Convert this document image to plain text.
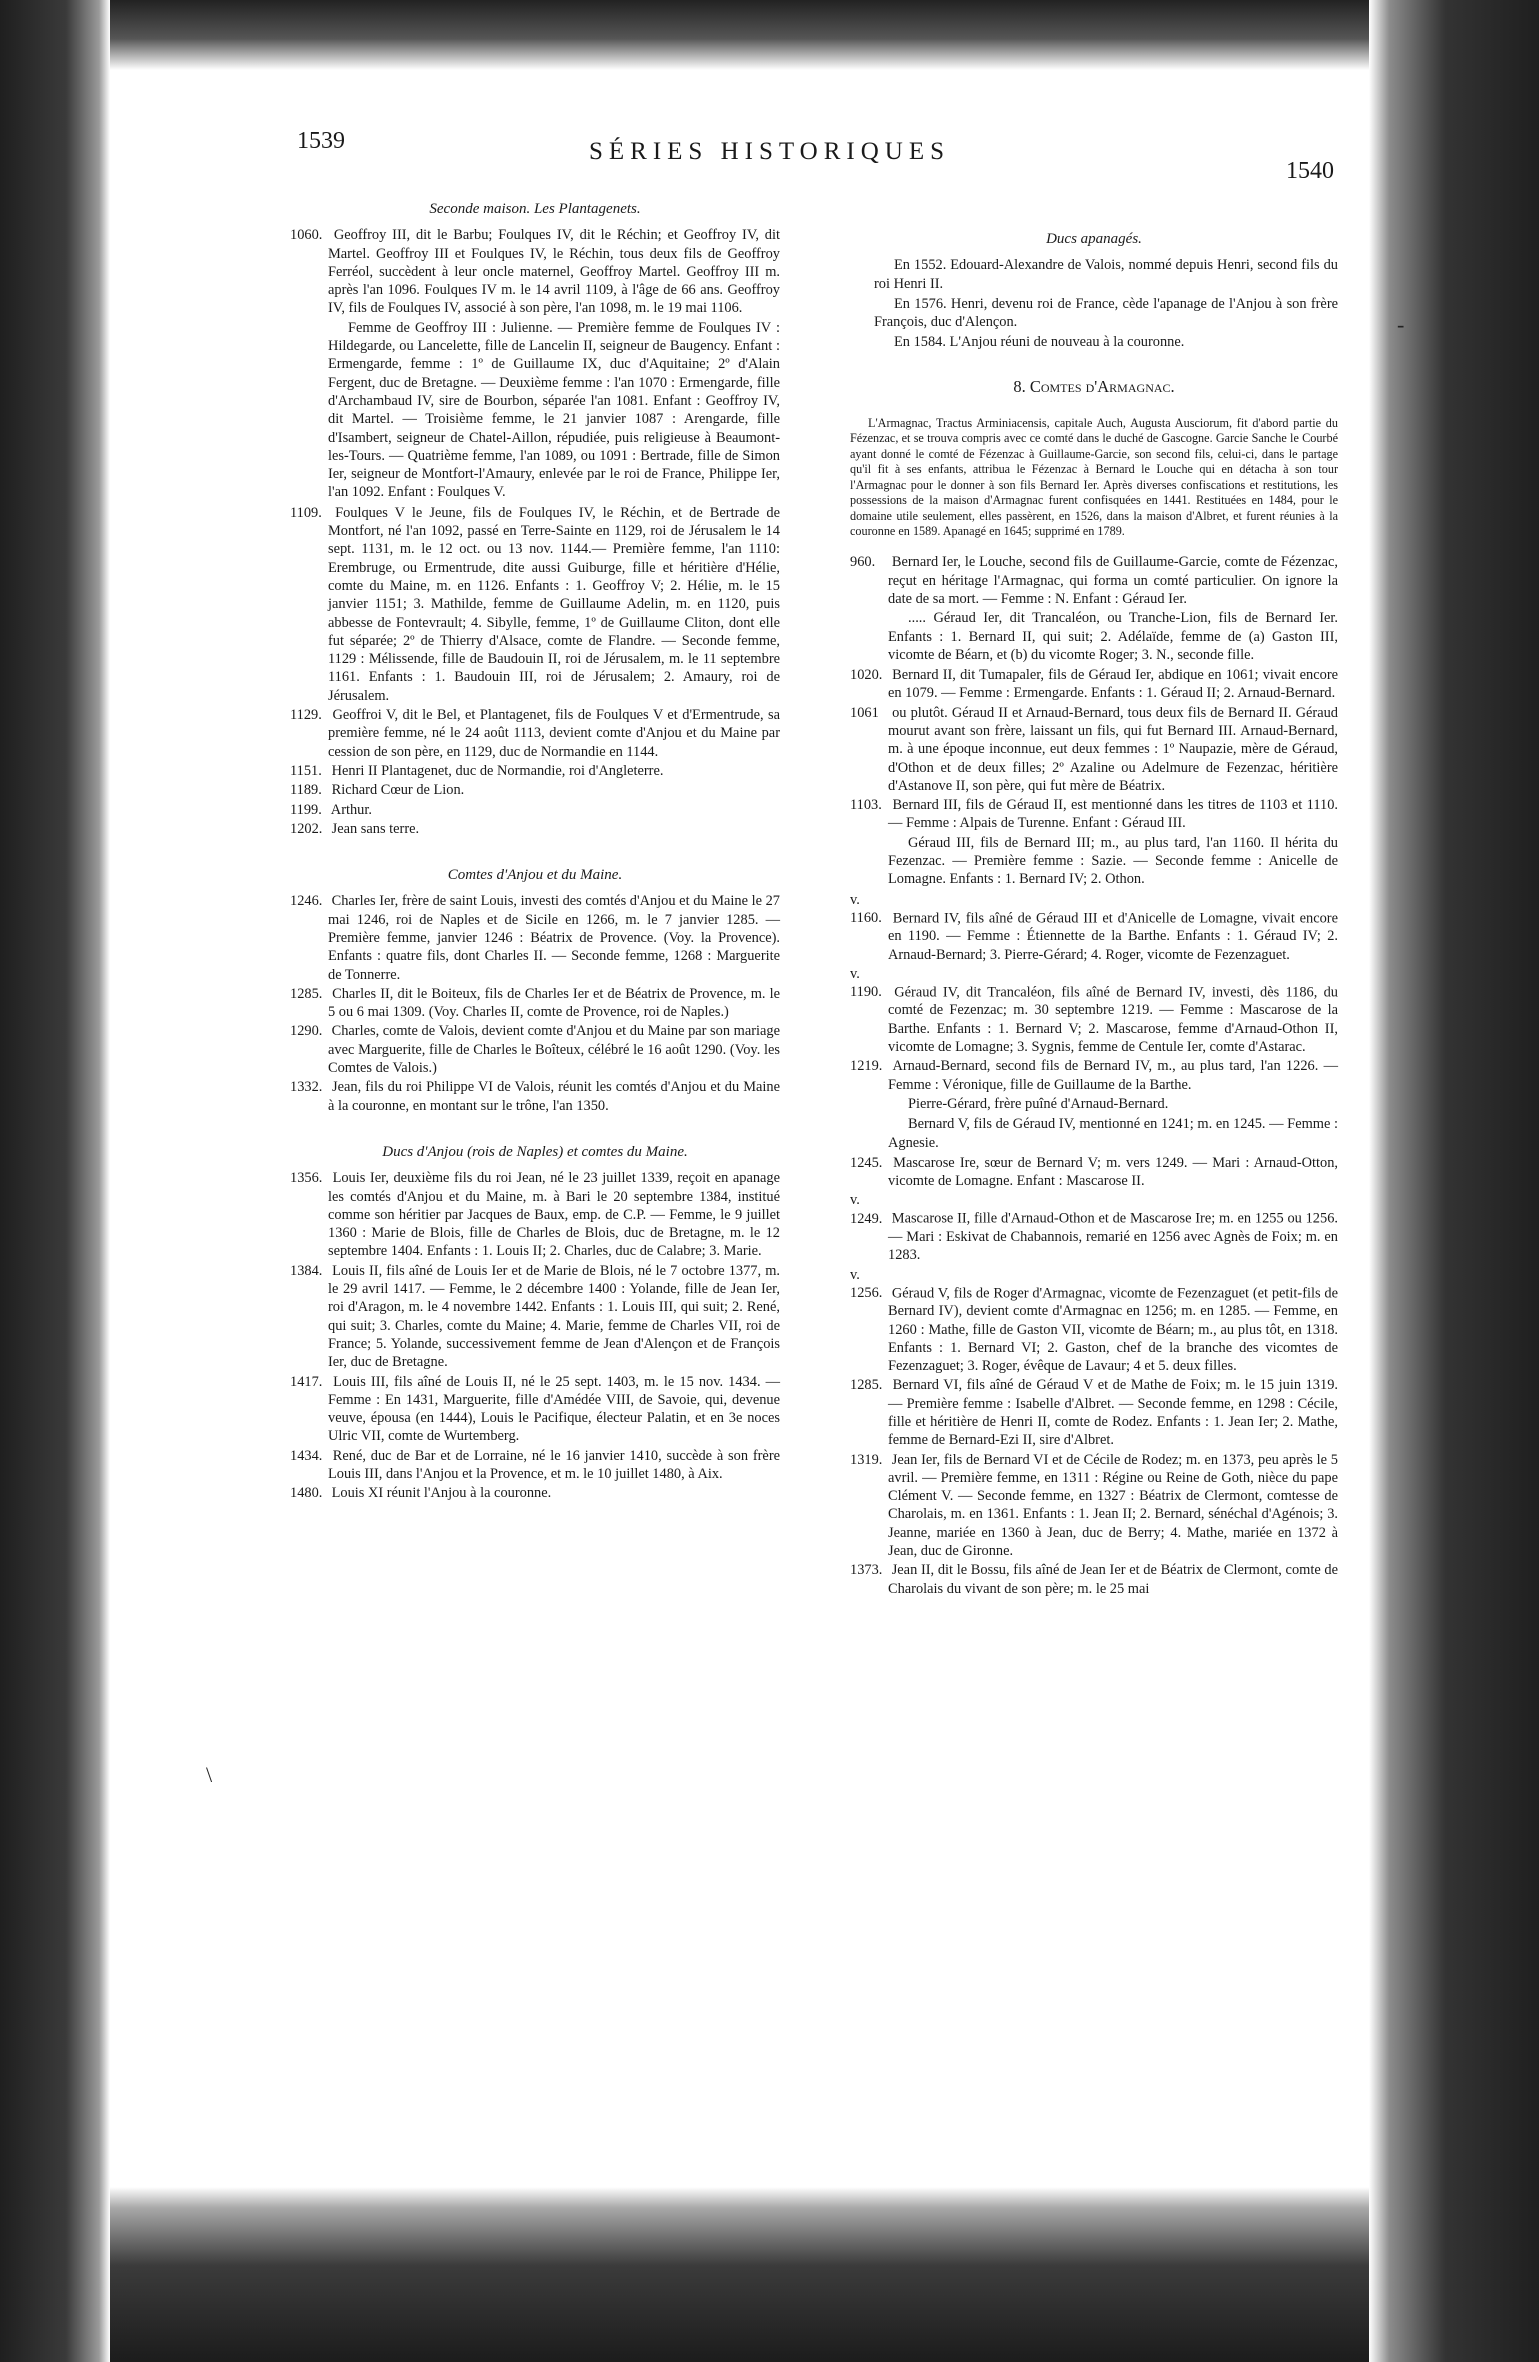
1539	SÉRIES HISTORIQUES
1540
-
\
Seconde maison. Les Plantagenets.

1060. Geoffroy III, dit le Barbu; Foulques IV, dit le Réchin; et Geoffroy IV, dit Martel. Geoffroy III et Foulques IV, le Réchin, tous deux fils de Geoffroy Ferréol, succèdent à leur oncle maternel, Geoffroy Martel. Geoffroy III m. après l'an 1096. Foulques IV m. le 14 avril 1109, à l'âge de 66 ans. Geoffroy IV, fils de Foulques IV, associé à son père, l'an 1098, m. le 19 mai 1106.

Femme de Geoffroy III : Julienne. — Première femme de Foulques IV : Hildegarde, ou Lancelette, fille de Lancelin II, seigneur de Baugency. Enfant : Ermengarde, femme : 1º de Guillaume IX, duc d'Aquitaine; 2º d'Alain Fergent, duc de Bretagne. — Deuxième femme : l'an 1070 : Ermengarde, fille d'Archambaud IV, sire de Bourbon, séparée l'an 1081. Enfant : Geoffroy IV, dit Martel. — Troisième femme, le 21 janvier 1087 : Arengarde, fille d'Isambert, seigneur de Chatel-Aillon, répudiée, puis religieuse à Beaumont-les-Tours. — Quatrième femme, l'an 1089, ou 1091 : Bertrade, fille de Simon Ier, seigneur de Montfort-l'Amaury, enlevée par le roi de France, Philippe Ier, l'an 1092. Enfant : Foulques V.

1109. Foulques V le Jeune, fils de Foulques IV, le Réchin, et de Bertrade de Montfort, né l'an 1092, passé en Terre-Sainte en 1129, roi de Jérusalem le 14 sept. 1131, m. le 12 oct. ou 13 nov. 1144.— Première femme, l'an 1110: Erembruge, ou Ermentrude, dite aussi Guiburge, fille et héritière d'Hélie, comte du Maine, m. en 1126. Enfants : 1. Geoffroy V; 2. Hélie, m. le 15 janvier 1151; 3. Mathilde, femme de Guillaume Adelin, m. en 1120, puis abbesse de Fontevrault; 4. Sibylle, femme, 1º de Guillaume Cliton, dont elle fut séparée; 2º de Thierry d'Alsace, comte de Flandre. — Seconde femme, 1129 : Mélissende, fille de Baudouin II, roi de Jérusalem, m. le 11 septembre 1161. Enfants : 1. Baudouin III, roi de Jérusalem; 2. Amaury, roi de Jérusalem.

1129. Geoffroi V, dit le Bel, et Plantagenet, fils de Foulques V et d'Ermentrude, sa première femme, né le 24 août 1113, devient comte d'Anjou et du Maine par cession de son père, en 1129, duc de Normandie en 1144.

1151. Henri II Plantagenet, duc de Normandie, roi d'Angleterre.

1189. Richard Cœur de Lion.

1199. Arthur.

1202. Jean sans terre.

Comtes d'Anjou et du Maine.

1246. Charles Ier, frère de saint Louis, investi des comtés d'Anjou et du Maine le 27 mai 1246, roi de Naples et de Sicile en 1266, m. le 7 janvier 1285. — Première femme, janvier 1246 : Béatrix de Provence. (Voy. la Provence). Enfants : quatre fils, dont Charles II. — Seconde femme, 1268 : Marguerite de Tonnerre.

1285. Charles II, dit le Boiteux, fils de Charles Ier et de Béatrix de Provence, m. le 5 ou 6 mai 1309. (Voy. Charles II, comte de Provence, roi de Naples.)

1290. Charles, comte de Valois, devient comte d'Anjou et du Maine par son mariage avec Marguerite, fille de Charles le Boîteux, célébré le 16 août 1290. (Voy. les Comtes de Valois.)

1332. Jean, fils du roi Philippe VI de Valois, réunit les comtés d'Anjou et du Maine à la couronne, en montant sur le trône, l'an 1350.

Ducs d'Anjou (rois de Naples) et comtes du Maine.

1356. Louis Ier, deuxième fils du roi Jean, né le 23 juillet 1339, reçoit en apanage les comtés d'Anjou et du Maine, m. à Bari le 20 septembre 1384, institué comme son héritier par Jacques de Baux, emp. de C.P. — Femme, le 9 juillet 1360 : Marie de Blois, fille de Charles de Blois, duc de Bretagne, m. le 12 septembre 1404. Enfants : 1. Louis II; 2. Charles, duc de Calabre; 3. Marie.

1384. Louis II, fils aîné de Louis Ier et de Marie de Blois, né le 7 octobre 1377, m. le 29 avril 1417. — Femme, le 2 décembre 1400 : Yolande, fille de Jean Ier, roi d'Aragon, m. le 4 novembre 1442. Enfants : 1. Louis III, qui suit; 2. René, qui suit; 3. Charles, comte du Maine; 4. Marie, femme de Charles VII, roi de France; 5. Yolande, successivement femme de Jean d'Alençon et de François Ier, duc de Bretagne.

1417. Louis III, fils aîné de Louis II, né le 25 sept. 1403, m. le 15 nov. 1434. — Femme : En 1431, Marguerite, fille d'Amédée VIII, de Savoie, qui, devenue veuve, épousa (en 1444), Louis le Pacifique, électeur Palatin, et en 3e noces Ulric VII, comte de Wurtemberg.

1434. René, duc de Bar et de Lorraine, né le 16 janvier 1410, succède à son frère Louis III, dans l'Anjou et la Provence, et m. le 10 juillet 1480, à Aix.

1480. Louis XI réunit l'Anjou à la couronne.

Ducs apanagés.

En 1552. Edouard-Alexandre de Valois, nommé depuis Henri, second fils du roi Henri II.

En 1576. Henri, devenu roi de France, cède l'apanage de l'Anjou à son frère François, duc d'Alençon.

En 1584. L'Anjou réuni de nouveau à la couronne.

8. Comtes d'Armagnac.

L'Armagnac, Tractus Arminiacensis, capitale Auch, Augusta Ausciorum, fit d'abord partie du Fézenzac, et se trouva compris avec ce comté dans le duché de Gascogne. Garcie Sanche le Courbé ayant donné le comté de Fézenzac à Guillaume-Garcie, son second fils, celui-ci, dans le partage qu'il fit à ses enfants, attribua le Fézenzac à Bernard le Louche qui en détacha à son tour l'Armagnac pour le donner à son fils Bernard Ier. Après diverses confiscations et restitutions, les possessions de la maison d'Armagnac furent confisquées en 1441. Restituées en 1484, pour le domaine utile seulement, elles passèrent, en 1526, dans la maison d'Albret, et furent réunies à la couronne en 1589. Apanagé en 1645; supprimé en 1789.

960. Bernard Ier, le Louche, second fils de Guillaume-Garcie, comte de Fézenzac, reçut en héritage l'Armagnac, qui forma un comté particulier. On ignore la date de sa mort. — Femme : N. Enfant : Géraud Ier.

..... Géraud Ier, dit Trancaléon, ou Tranche-Lion, fils de Bernard Ier. Enfants : 1. Bernard II, qui suit; 2. Adélaïde, femme de (a) Gaston III, vicomte de Béarn, et (b) du vicomte Roger; 3. N., seconde fille.

1020. Bernard II, dit Tumapaler, fils de Géraud Ier, abdique en 1061; vivait encore en 1079. — Femme : Ermengarde. Enfants : 1. Géraud II; 2. Arnaud-Bernard.

1061 ou plutôt. Géraud II et Arnaud-Bernard, tous deux fils de Bernard II. Géraud mourut avant son frère, laissant un fils, qui fut Bernard III. Arnaud-Bernard, m. à une époque inconnue, eut deux femmes : 1º Naupazie, mère de Géraud, d'Othon et de deux filles; 2º Azaline ou Adelmure de Fezenzac, héritière d'Astanove II, son père, qui fut mère de Béatrix.

1103. Bernard III, fils de Géraud II, est mentionné dans les titres de 1103 et 1110. — Femme : Alpais de Turenne. Enfant : Géraud III.

Géraud III, fils de Bernard III; m., au plus tard, l'an 1160. Il hérita du Fezenzac. — Première femme : Sazie. — Seconde femme : Anicelle de Lomagne. Enfants : 1. Bernard IV; 2. Othon.

v. 1160. Bernard IV, fils aîné de Géraud III et d'Anicelle de Lomagne, vivait encore en 1190. — Femme : Étiennette de la Barthe. Enfants : 1. Géraud IV; 2. Arnaud-Bernard; 3. Pierre-Gérard; 4. Roger, vicomte de Fezenzaguet.

v. 1190. Géraud IV, dit Trancaléon, fils aîné de Bernard IV, investi, dès 1186, du comté de Fezenzac; m. 30 septembre 1219. — Femme : Mascarose de la Barthe. Enfants : 1. Bernard V; 2. Mascarose, femme d'Arnaud-Othon II, vicomte de Lomagne; 3. Sygnis, femme de Centule Ier, comte d'Astarac.

1219. Arnaud-Bernard, second fils de Bernard IV, m., au plus tard, l'an 1226. — Femme : Véronique, fille de Guillaume de la Barthe.

Pierre-Gérard, frère puîné d'Arnaud-Bernard.

Bernard V, fils de Géraud IV, mentionné en 1241; m. en 1245. — Femme : Agnesie.

1245. Mascarose Ire, sœur de Bernard V; m. vers 1249. — Mari : Arnaud-Otton, vicomte de Lomagne. Enfant : Mascarose II.

v. 1249. Mascarose II, fille d'Arnaud-Othon et de Mascarose Ire; m. en 1255 ou 1256. — Mari : Eskivat de Chabannois, remarié en 1256 avec Agnès de Foix; m. en 1283.

v. 1256. Géraud V, fils de Roger d'Armagnac, vicomte de Fezenzaguet (et petit-fils de Bernard IV), devient comte d'Armagnac en 1256; m. en 1285. — Femme, en 1260 : Mathe, fille de Gaston VII, vicomte de Béarn; m., au plus tôt, en 1318. Enfants : 1. Bernard VI; 2. Gaston, chef de la branche des vicomtes de Fezenzaguet; 3. Roger, évêque de Lavaur; 4 et 5. deux filles.

1285. Bernard VI, fils aîné de Géraud V et de Mathe de Foix; m. le 15 juin 1319. — Première femme : Isabelle d'Albret. — Seconde femme, en 1298 : Cécile, fille et héritière de Henri II, comte de Rodez. Enfants : 1. Jean Ier; 2. Mathe, femme de Bernard-Ezi II, sire d'Albret.

1319. Jean Ier, fils de Bernard VI et de Cécile de Rodez; m. en 1373, peu après le 5 avril. — Première femme, en 1311 : Régine ou Reine de Goth, nièce du pape Clément V. — Seconde femme, en 1327 : Béatrix de Clermont, comtesse de Charolais, m. en 1361. Enfants : 1. Jean II; 2. Bernard, sénéchal d'Agénois; 3. Jeanne, mariée en 1360 à Jean, duc de Berry; 4. Mathe, mariée en 1372 à Jean, duc de Gironne.

1373. Jean II, dit le Bossu, fils aîné de Jean Ier et de Béatrix de Clermont, comte de Charolais du vivant de son père; m. le 25 mai
